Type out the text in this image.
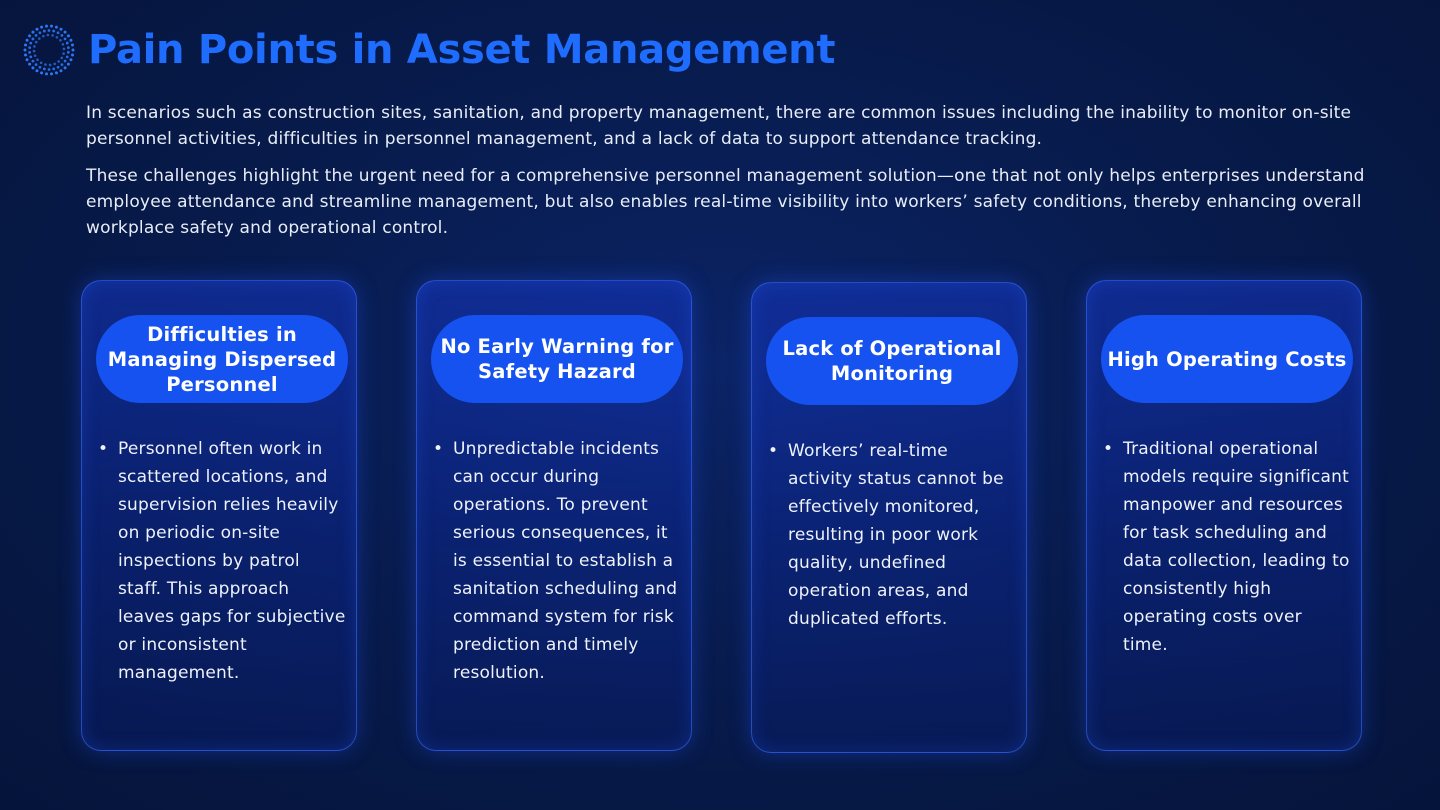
Pain Points in Asset Management

In scenarios such as construction sites, sanitation, and property management, there are common issues including the inability to monitor on-site personnel activities, difficulties in personnel management, and a lack of data to support attendance tracking.

These challenges highlight the urgent need for a comprehensive personnel management solution—one that not only helps enterprises understand employee attendance and streamline management, but also enables real-time visibility into workers’ safety conditions, thereby enhancing overall workplace safety and operational control.

Difficulties in Managing Dispersed Personnel
• Personnel often work in scattered locations, and supervision relies heavily on periodic on-site inspections by patrol staff. This approach leaves gaps for subjective or inconsistent management.
No Early Warning for Safety Hazard
• Unpredictable incidents can occur during operations. To prevent serious consequences, it is essential to establish a sanitation scheduling and command system for risk prediction and timely resolution.
Lack of Operational Monitoring
• Workers’ real-time activity status cannot be effectively monitored, resulting in poor work quality, undefined operation areas, and duplicated efforts.
High Operating Costs
• Traditional operational models require significant manpower and resources for task scheduling and data collection, leading to consistently high operating costs over time.
